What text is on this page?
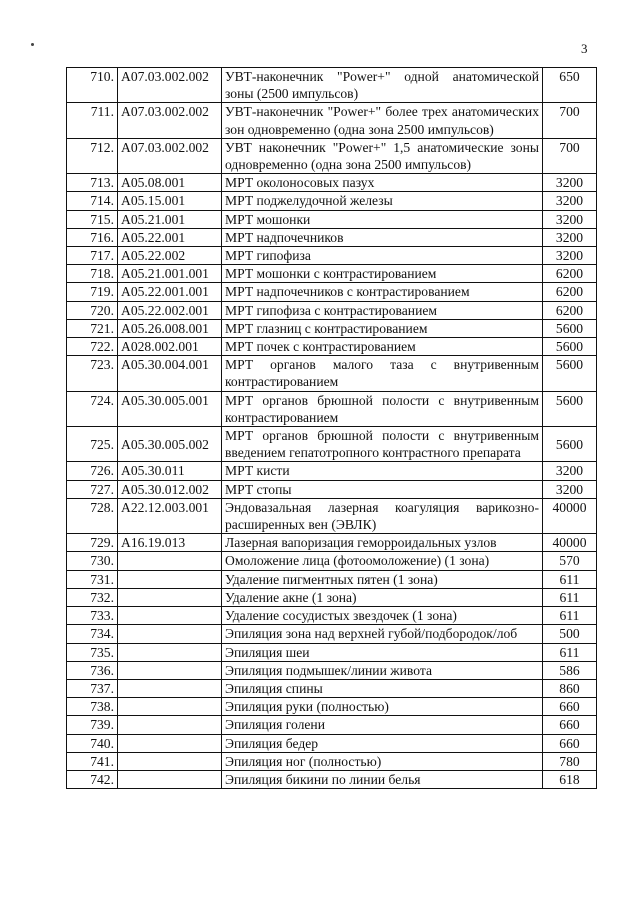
3
710.	A07.03.002.002	УВТ-наконечник "Power+" одной анатомической зоны (2500 импульсов)	650
711.	A07.03.002.002	УВТ-наконечник "Power+" более трех анатомических зон одновременно (одна зона 2500 импульсов)	700
712.	A07.03.002.002	УВТ наконечник "Power+" 1,5 анатомические зоны одновременно (одна зона 2500 импульсов)	700
713.	A05.08.001	МРТ околоносовых пазух	3200
714.	A05.15.001	МРТ поджелудочной железы	3200
715.	A05.21.001	МРТ мошонки	3200
716.	A05.22.001	МРТ надпочечников	3200
717.	A05.22.002	МРТ гипофиза	3200
718.	A05.21.001.001	МРТ мошонки с контрастированием	6200
719.	A05.22.001.001	МРТ надпочечников с контрастированием	6200
720.	A05.22.002.001	МРТ гипофиза с контрастированием	6200
721.	A05.26.008.001	МРТ глазниц с контрастированием	5600
722.	A028.002.001	МРТ почек с контрастированием	5600
723.	A05.30.004.001	МРТ органов малого таза с внутривенным контрастированием	5600
724.	A05.30.005.001	МРТ органов брюшной полости с внутривенным контрастированием	5600
725.	A05.30.005.002	МРТ органов брюшной полости с внутривенным введением гепатотропного контрастного препарата	5600
726.	A05.30.011	МРТ кисти	3200
727.	A05.30.012.002	МРТ стопы	3200
728.	A22.12.003.001	Эндовазальная лазерная коагуляция варикозно-расширенных вен (ЭВЛК)	40000
729.	A16.19.013	Лазерная вапоризация геморроидальных узлов	40000
730.		Омоложение лица (фотоомоложение) (1 зона)	570
731.		Удаление пигментных пятен (1 зона)	611
732.		Удаление акне (1 зона)	611
733.		Удаление сосудистых звездочек (1 зона)	611
734.		Эпиляция зона над верхней губой/подбородок/лоб	500
735.		Эпиляция шеи	611
736.		Эпиляция подмышек/линии живота	586
737.		Эпиляция спины	860
738.		Эпиляция руки (полностью)	660
739.		Эпиляция голени	660
740.		Эпиляция бедер	660
741.		Эпиляция ног (полностью)	780
742.		Эпиляция бикини по линии белья	618
